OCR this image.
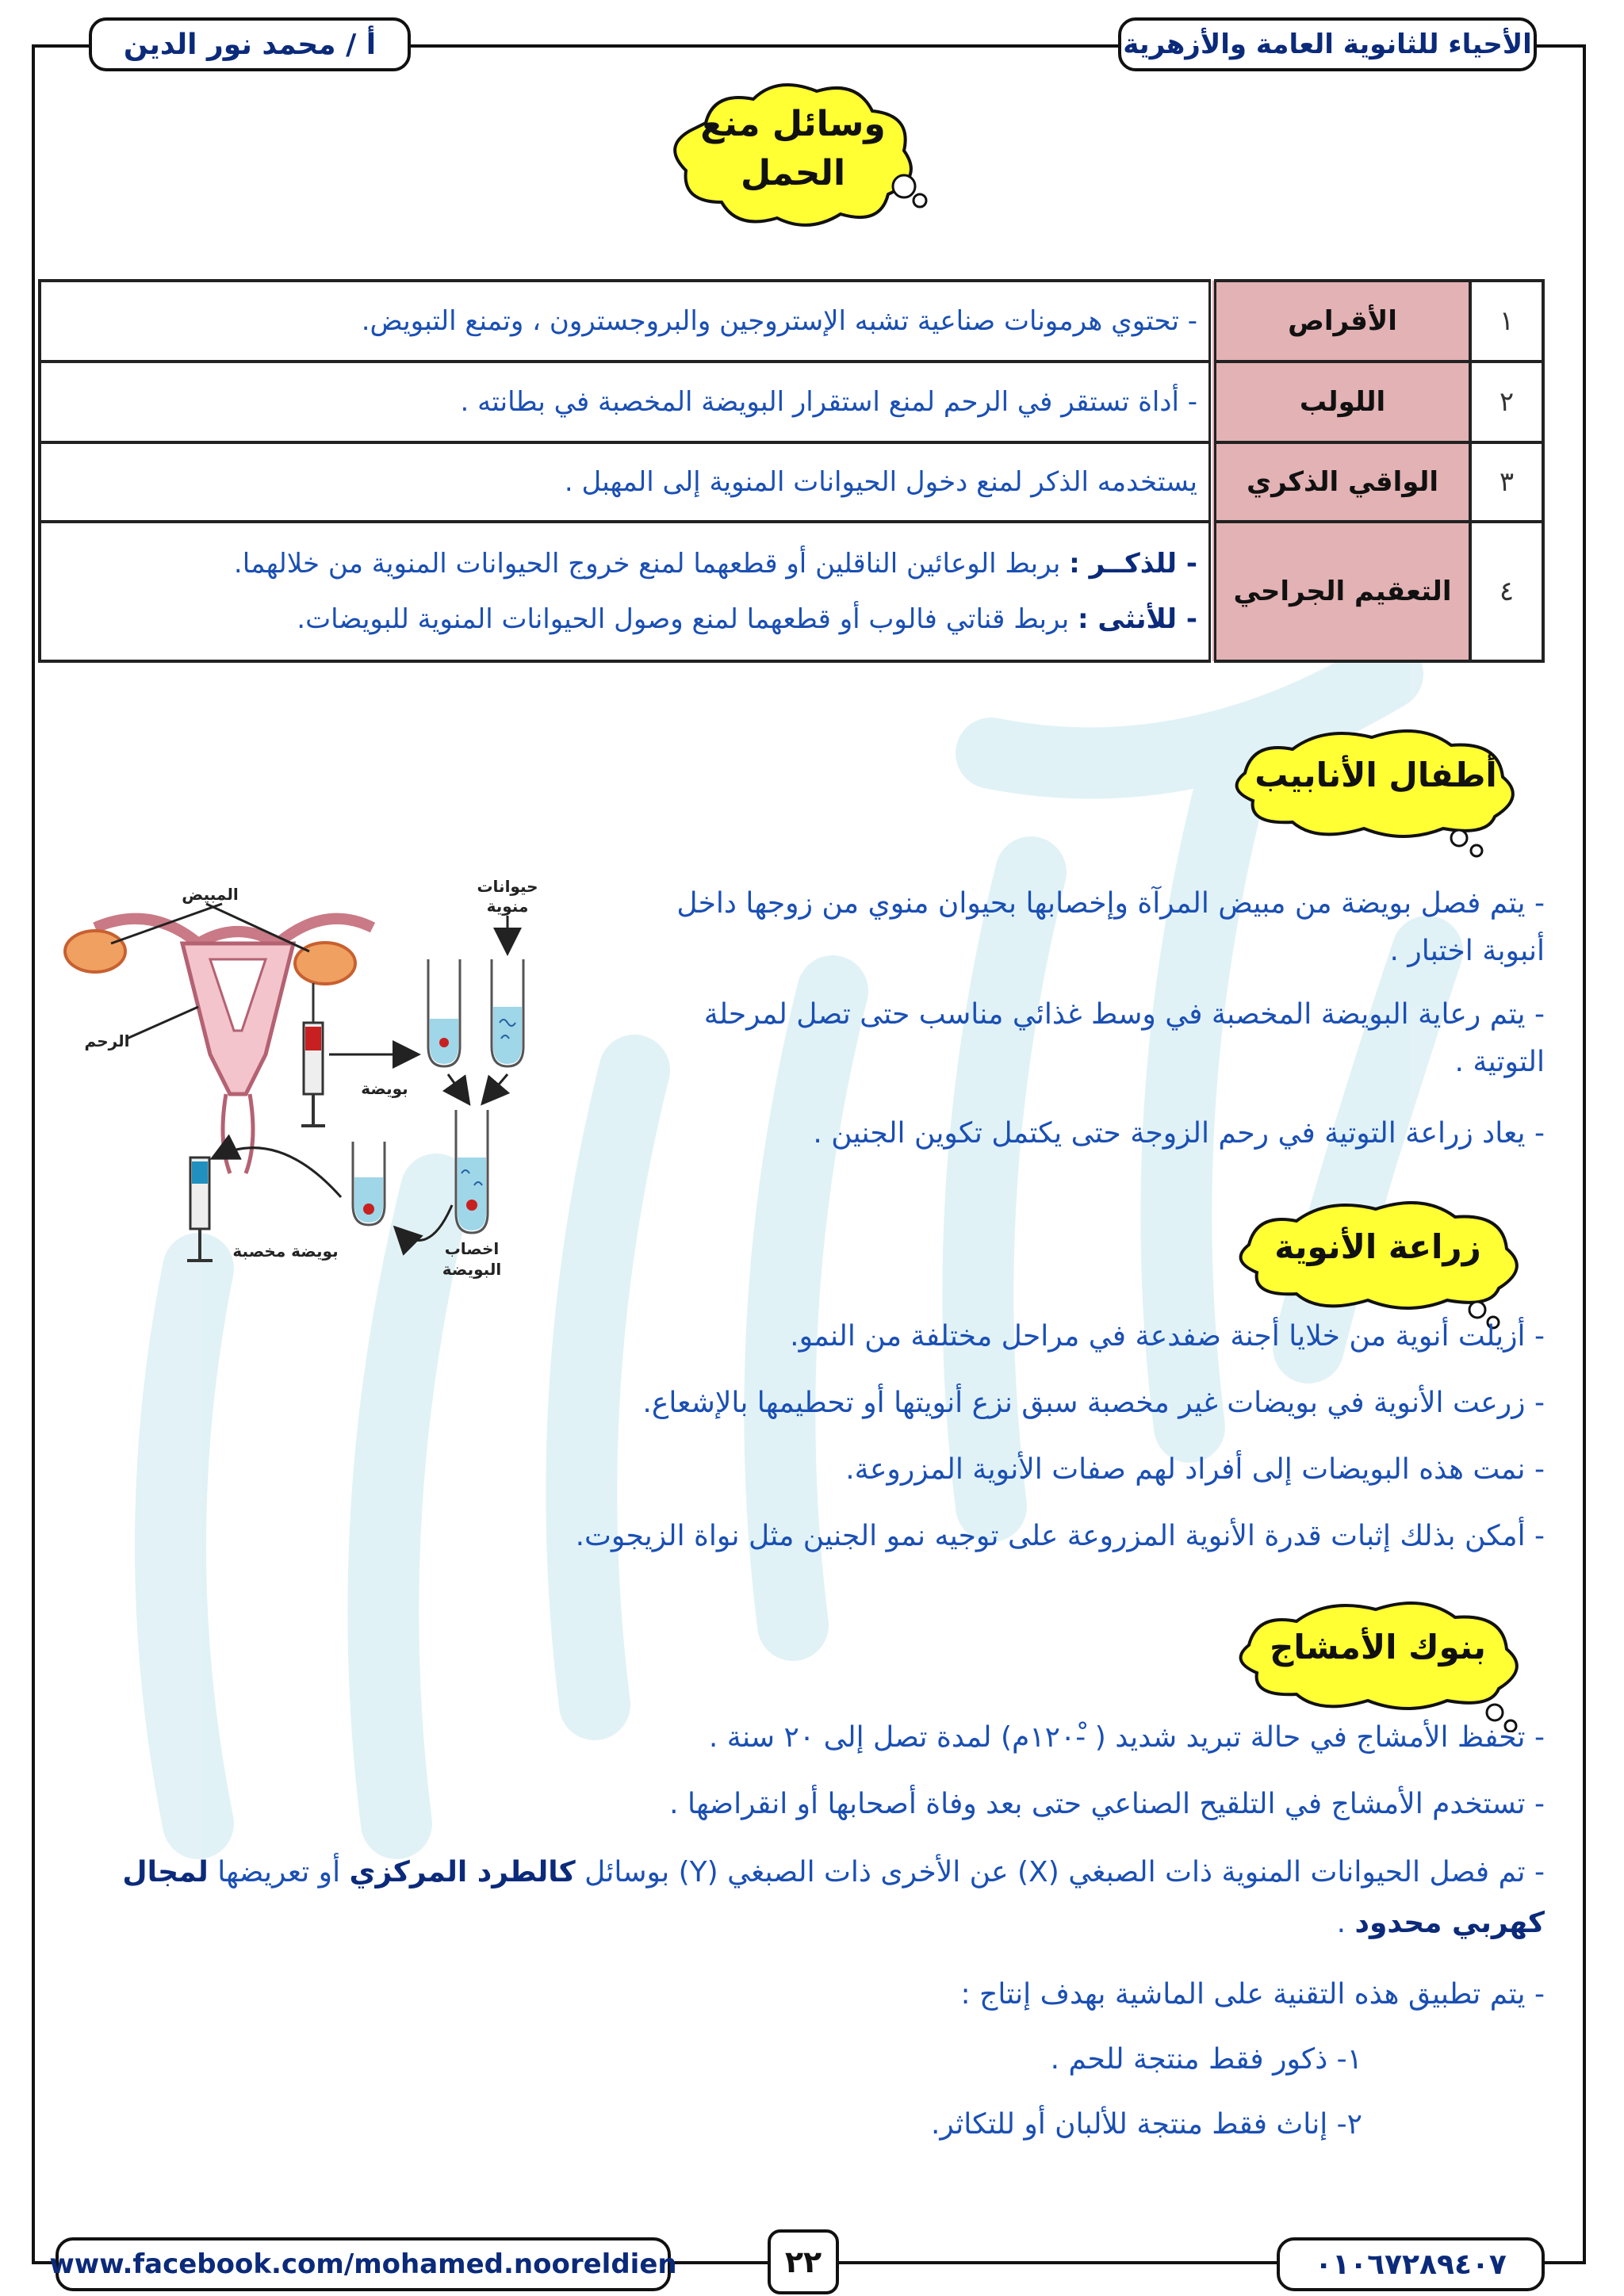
أ / محمد نور الدين	الأحياء للثانوية العامة والأزهرية
وسائل منع
الحمل
١	الأقراص	- تحتوي هرمونات صناعية تشبه الإستروجين والبروجسترون ، وتمنع التبويض.
٢	اللولب	- أداة تستقر في الرحم لمنع استقرار البويضة المخصبة في بطانته .
٣	الواقي الذكري	يستخدمه الذكر لمنع دخول الحيوانات المنوية إلى المهبل .
٤	التعقيم الجراحي	- للذكــر : بربط الوعائين الناقلين أو قطعهما لمنع خروج الحيوانات المنوية من خلالهما.
- للأنثى : بربط قناتي فالوب أو قطعهما لمنع وصول الحيوانات المنوية للبويضات.
أطفال الأنابيب
- يتم فصل بويضة من مبيض المرآة وإخصابها بحيوان منوي من زوجها داخل أنبوبة اختبار .
- يتم رعاية البويضة المخصبة في وسط غذائي مناسب حتى تصل لمرحلة التوتية .
- يعاد زراعة التوتية في رحم الزوجة حتى يكتمل تكوين الجنين .
المبيض
الرحم
حيوانات
منوية
بويضة
بويضة مخصبة	اخصاب
البويضة
زراعة الأنوية
- أزيلت أنوية من خلايا أجنة ضفدعة في مراحل مختلفة من النمو.
- زرعت الأنوية في بويضات غير مخصبة سبق نزع أنويتها أو تحطيمها بالإشعاع.
- نمت هذه البويضات إلى أفراد لهم صفات الأنوية المزروعة.
- أمكن بذلك إثبات قدرة الأنوية المزروعة على توجيه نمو الجنين مثل نواة الزيجوت.
بنوك الأمشاج
- تحفظ الأمشاج في حالة تبريد شديد ( -١٢٠ْم) لمدة تصل إلى ٢٠ سنة .
- تستخدم الأمشاج في التلقيح الصناعي حتى بعد وفاة أصحابها أو انقراضها .
- تم فصل الحيوانات المنوية ذات الصبغي (X) عن الأخرى ذات الصبغي (Y) بوسائل كالطرد المركزي أو تعريضها لمجال كهربي محدود .
- يتم تطبيق هذه التقنية على الماشية بهدف إنتاج :
١- ذكور فقط منتجة للحم .
٢- إناث فقط منتجة للألبان أو للتكاثر.
www.facebook.com/mohamed.nooreldien	٢٢	٠١٠٦٧٢٨٩٤٠٧
